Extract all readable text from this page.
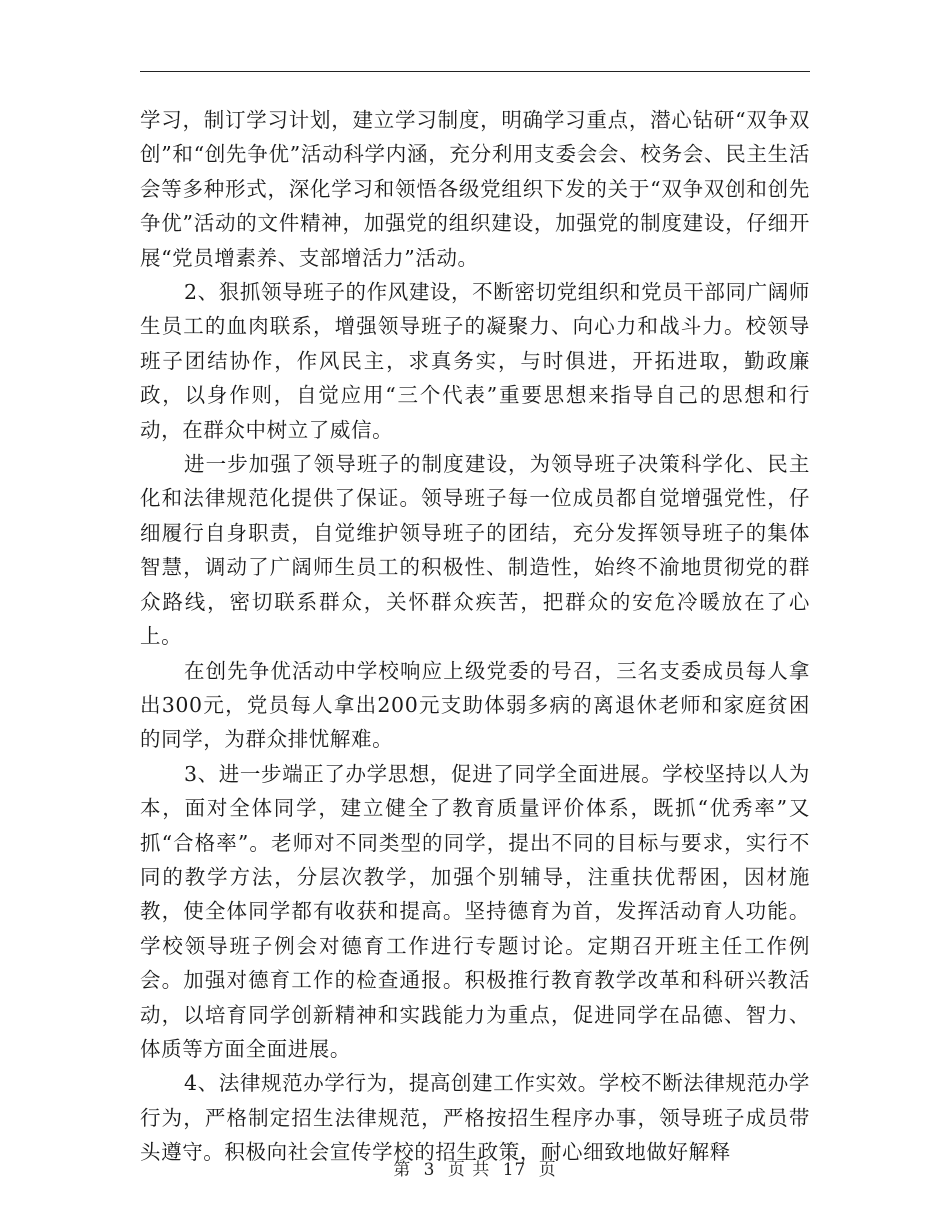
学习，制订学习计划，建立学习制度，明确学习重点，潜心钻研“双争双创”和“创先争优”活动科学内涵，充分利用支委会会、校务会、民主生活会等多种形式，深化学习和领悟各级党组织下发的关于“双争双创和创先争优”活动的文件精神，加强党的组织建设，加强党的制度建设，仔细开展“党员增素养、支部增活力”活动。

2、狠抓领导班子的作风建设，不断密切党组织和党员干部同广阔师生员工的血肉联系，增强领导班子的凝聚力、向心力和战斗力。校领导班子团结协作，作风民主，求真务实，与时俱进，开拓进取，勤政廉政，以身作则，自觉应用“三个代表”重要思想来指导自己的思想和行动，在群众中树立了威信。

进一步加强了领导班子的制度建设，为领导班子决策科学化、民主化和法律规范化提供了保证。领导班子每一位成员都自觉增强党性，仔细履行自身职责，自觉维护领导班子的团结，充分发挥领导班子的集体智慧，调动了广阔师生员工的积极性、制造性，始终不渝地贯彻党的群众路线，密切联系群众，关怀群众疾苦，把群众的安危冷暖放在了心上。

在创先争优活动中学校响应上级党委的号召，三名支委成员每人拿出300元，党员每人拿出200元支助体弱多病的离退休老师和家庭贫困的同学，为群众排忧解难。

3、进一步端正了办学思想，促进了同学全面进展。学校坚持以人为本，面对全体同学，建立健全了教育质量评价体系，既抓“优秀率”又抓“合格率”。老师对不同类型的同学，提出不同的目标与要求，实行不同的教学方法，分层次教学，加强个别辅导，注重扶优帮困，因材施教，使全体同学都有收获和提高。坚持德育为首，发挥活动育人功能。学校领导班子例会对德育工作进行专题讨论。定期召开班主任工作例会。加强对德育工作的检查通报。积极推行教育教学改革和科研兴教活动，以培育同学创新精神和实践能力为重点，促进同学在品德、智力、体质等方面全面进展。

4、法律规范办学行为，提高创建工作实效。学校不断法律规范办学行为，严格制定招生法律规范，严格按招生程序办事，领导班子成员带头遵守。积极向社会宣传学校的招生政策，耐心细致地做好解释

第 3 页 共 17 页
